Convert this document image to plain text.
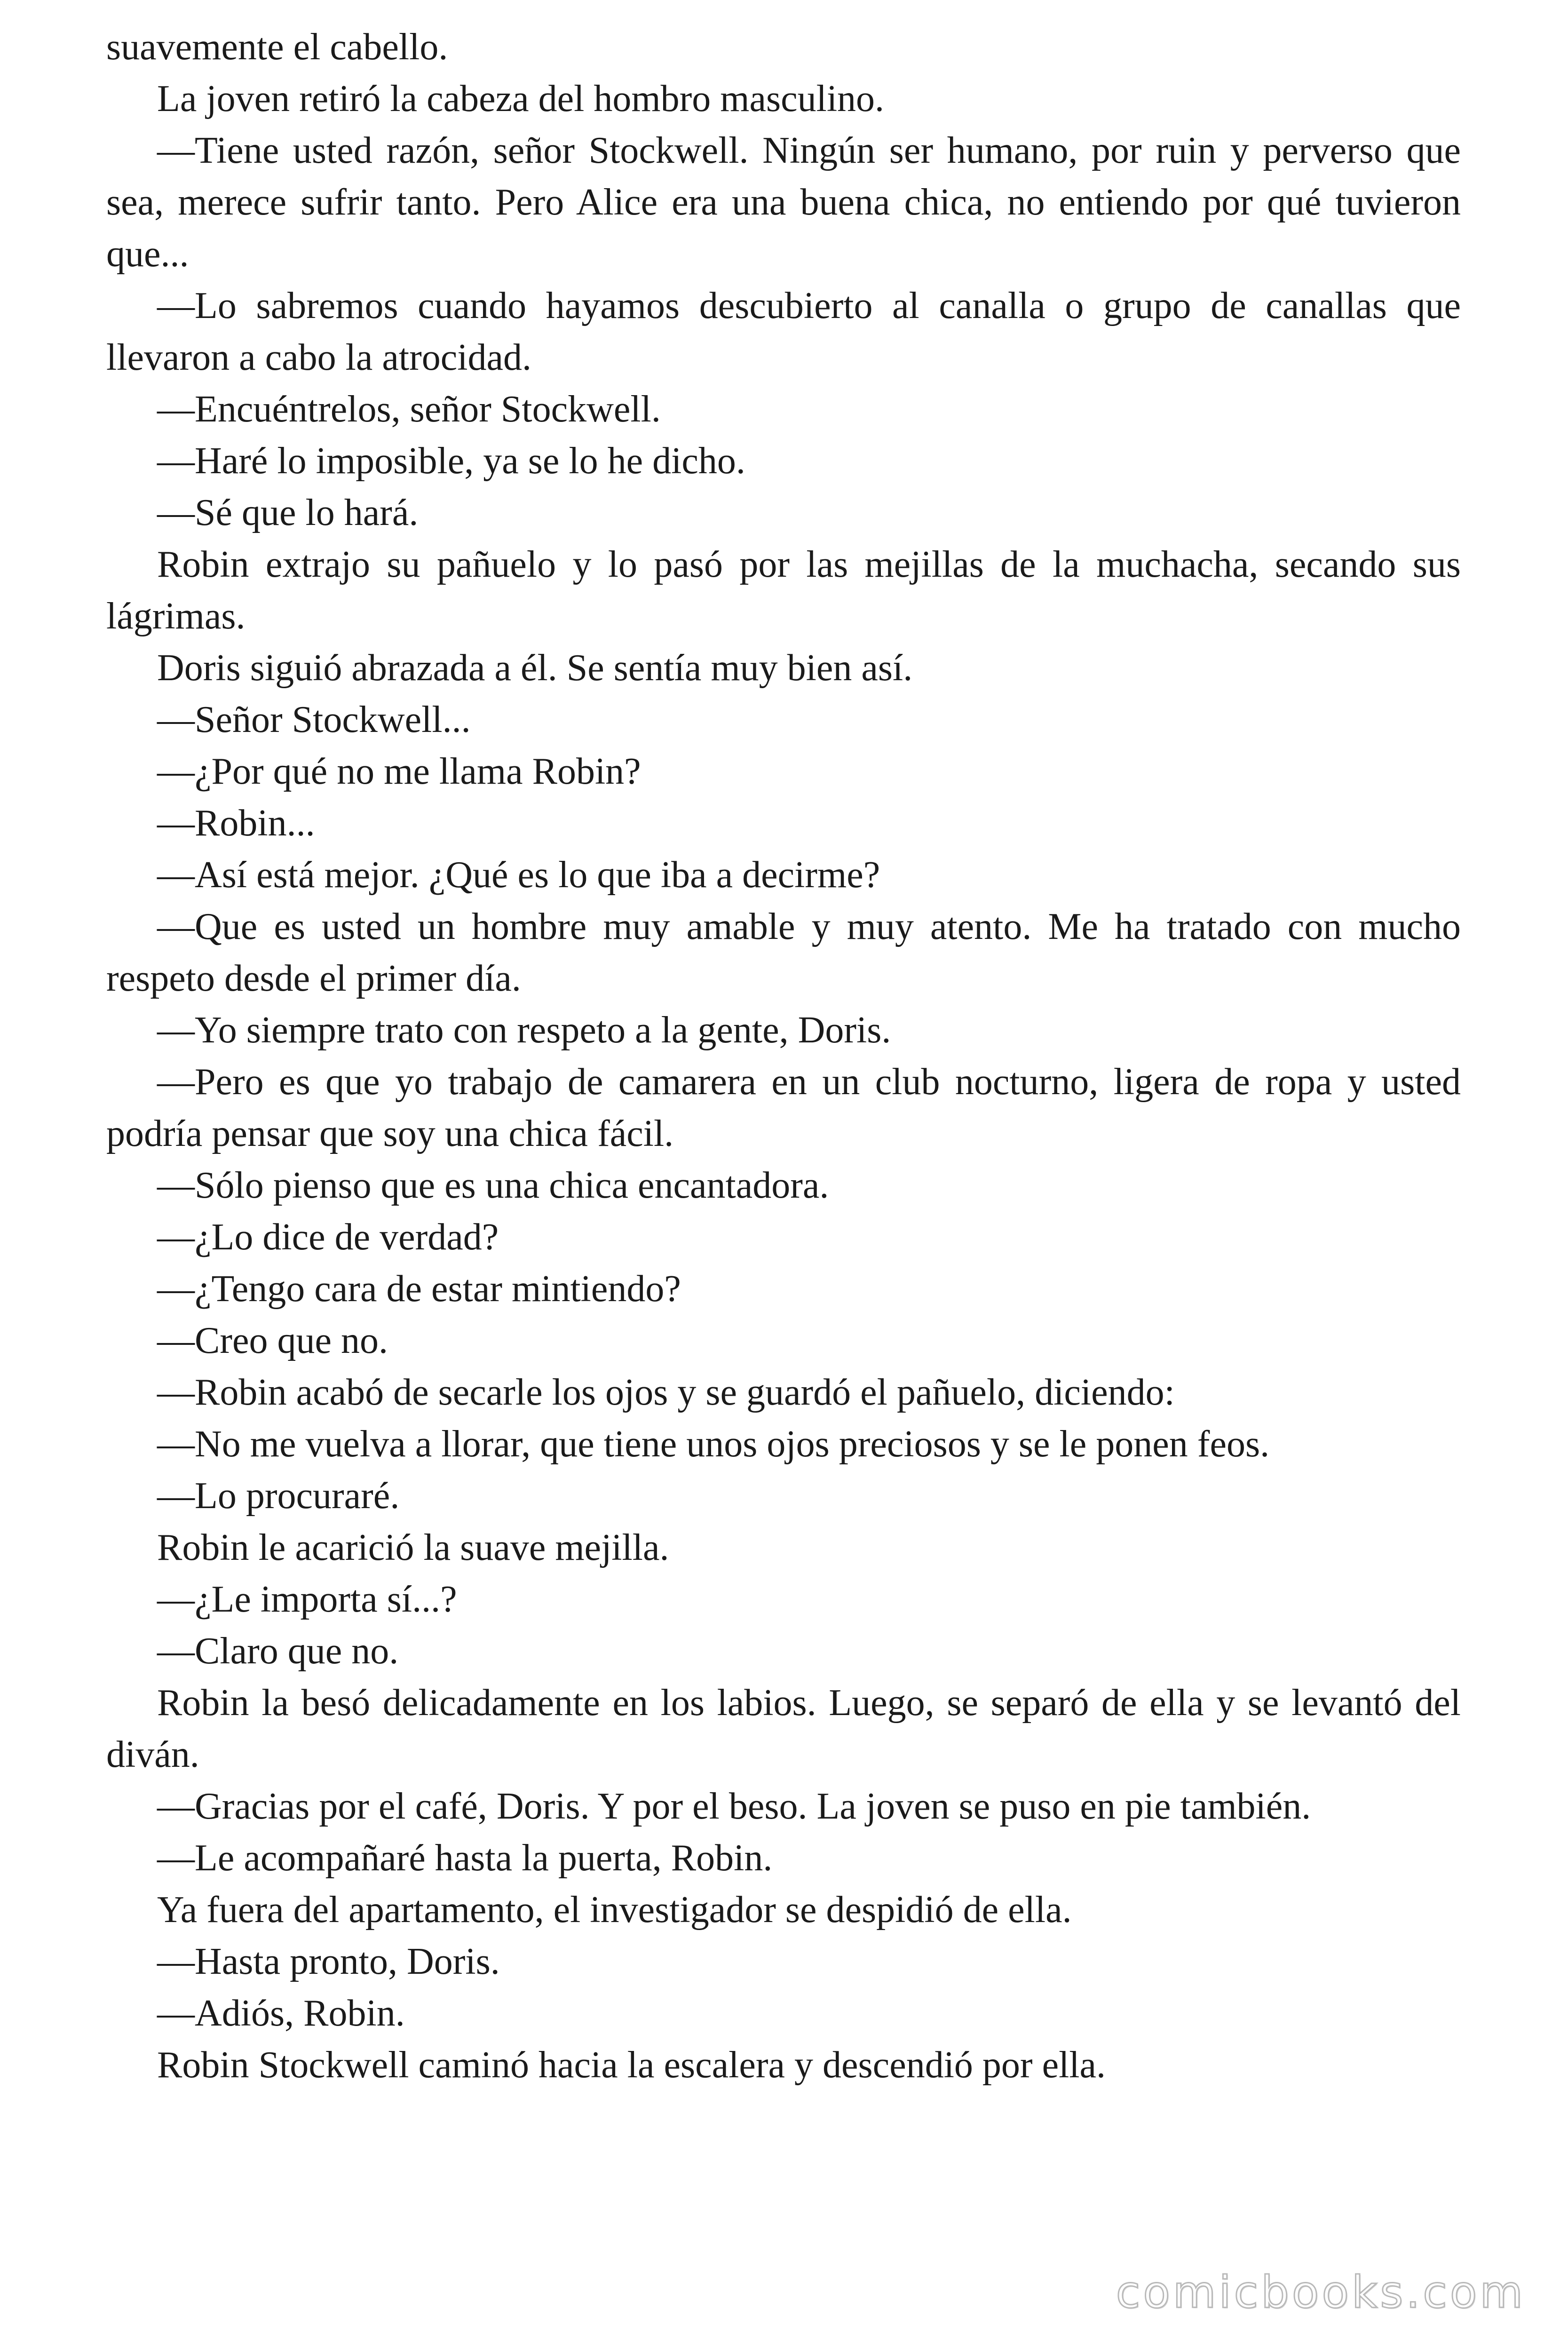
suavemente el cabello.

La joven retiró la cabeza del hombro masculino.

—Tiene usted razón, señor Stockwell. Ningún ser humano, por ruin y perverso que sea, merece sufrir tanto. Pero Alice era una buena chica, no entiendo por qué tuvieron que...

—Lo sabremos cuando hayamos descubierto al canalla o grupo de canallas que llevaron a cabo la atrocidad.

—Encuéntrelos, señor Stockwell.

—Haré lo imposible, ya se lo he dicho.

—Sé que lo hará.

Robin extrajo su pañuelo y lo pasó por las mejillas de la muchacha, secando sus lágrimas.

Doris siguió abrazada a él. Se sentía muy bien así.

—Señor Stockwell...

—¿Por qué no me llama Robin?

—Robin...

—Así está mejor. ¿Qué es lo que iba a decirme?

—Que es usted un hombre muy amable y muy atento. Me ha tratado con mucho respeto desde el primer día.

—Yo siempre trato con respeto a la gente, Doris.

—Pero es que yo trabajo de camarera en un club nocturno, ligera de ropa y usted podría pensar que soy una chica fácil.

—Sólo pienso que es una chica encantadora.

—¿Lo dice de verdad?

—¿Tengo cara de estar mintiendo?

—Creo que no.

—Robin acabó de secarle los ojos y se guardó el pañuelo, diciendo:

—No me vuelva a llorar, que tiene unos ojos preciosos y se le ponen feos.

—Lo procuraré.

Robin le acarició la suave mejilla.

—¿Le importa sí...?

—Claro que no.

Robin la besó delicadamente en los labios. Luego, se separó de ella y se levantó del diván.

—Gracias por el café, Doris. Y por el beso. La joven se puso en pie también.

—Le acompañaré hasta la puerta, Robin.

Ya fuera del apartamento, el investigador se despidió de ella.

—Hasta pronto, Doris.

—Adiós, Robin.

Robin Stockwell caminó hacia la escalera y descendió por ella.

comicbooks.com
